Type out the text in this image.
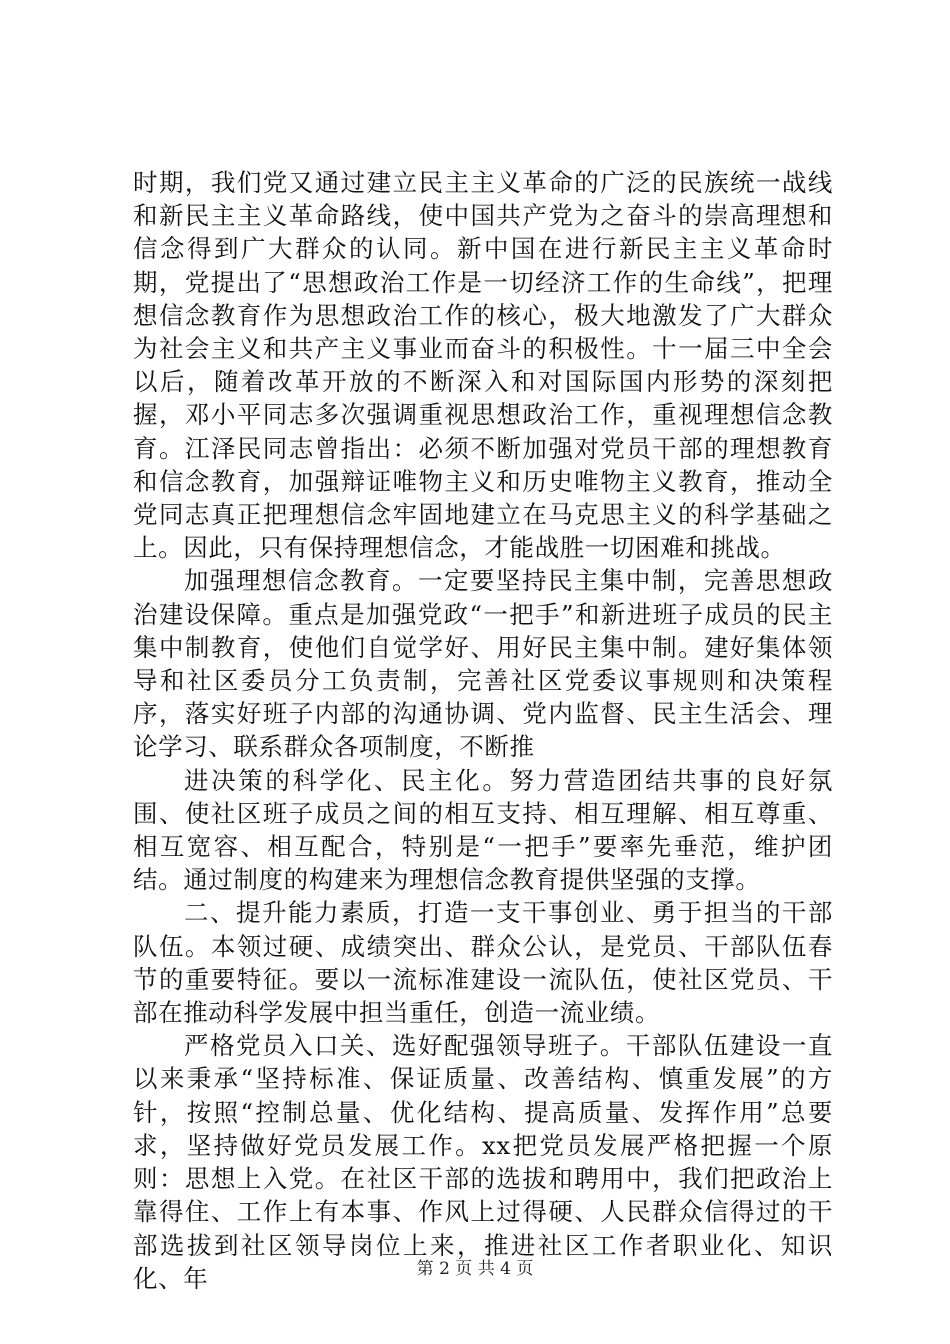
时期，我们党又通过建立民主主义革命的广泛的民族统一战线和新民主主义革命路线，使中国共产党为之奋斗的崇高理想和信念得到广大群众的认同。新中国在进行新民主主义革命时期，党提出了“思想政治工作是一切经济工作的生命线”，把理想信念教育作为思想政治工作的核心，极大地激发了广大群众为社会主义和共产主义事业而奋斗的积极性。十一届三中全会以后，随着改革开放的不断深入和对国际国内形势的深刻把握，邓小平同志多次强调重视思想政治工作，重视理想信念教育。江泽民同志曾指出：必须不断加强对党员干部的理想教育和信念教育，加强辩证唯物主义和历史唯物主义教育，推动全党同志真正把理想信念牢固地建立在马克思主义的科学基础之上。因此，只有保持理想信念，才能战胜一切困难和挑战。

加强理想信念教育。一定要坚持民主集中制，完善思想政治建设保障。重点是加强党政“一把手”和新进班子成员的民主集中制教育，使他们自觉学好、用好民主集中制。建好集体领导和社区委员分工负责制，完善社区党委议事规则和决策程序，落实好班子内部的沟通协调、党内监督、民主生活会、理论学习、联系群众各项制度，不断推

进决策的科学化、民主化。努力营造团结共事的良好氛围、使社区班子成员之间的相互支持、相互理解、相互尊重、相互宽容、相互配合，特别是“一把手”要率先垂范，维护团结。通过制度的构建来为理想信念教育提供坚强的支撑。

二、提升能力素质，打造一支干事创业、勇于担当的干部队伍。本领过硬、成绩突出、群众公认，是党员、干部队伍春节的重要特征。要以一流标准建设一流队伍，使社区党员、干部在推动科学发展中担当重任，创造一流业绩。

严格党员入口关、选好配强领导班子。干部队伍建设一直以来秉承“坚持标准、保证质量、改善结构、慎重发展”的方针，按照“控制总量、优化结构、提高质量、发挥作用”总要求，坚持做好党员发展工作。xx把党员发展严格把握一个原则：思想上入党。在社区干部的选拔和聘用中，我们把政治上靠得住、工作上有本事、作风上过得硬、人民群众信得过的干部选拔到社区领导岗位上来，推进社区工作者职业化、知识化、年	第 2 页 共 4 页
